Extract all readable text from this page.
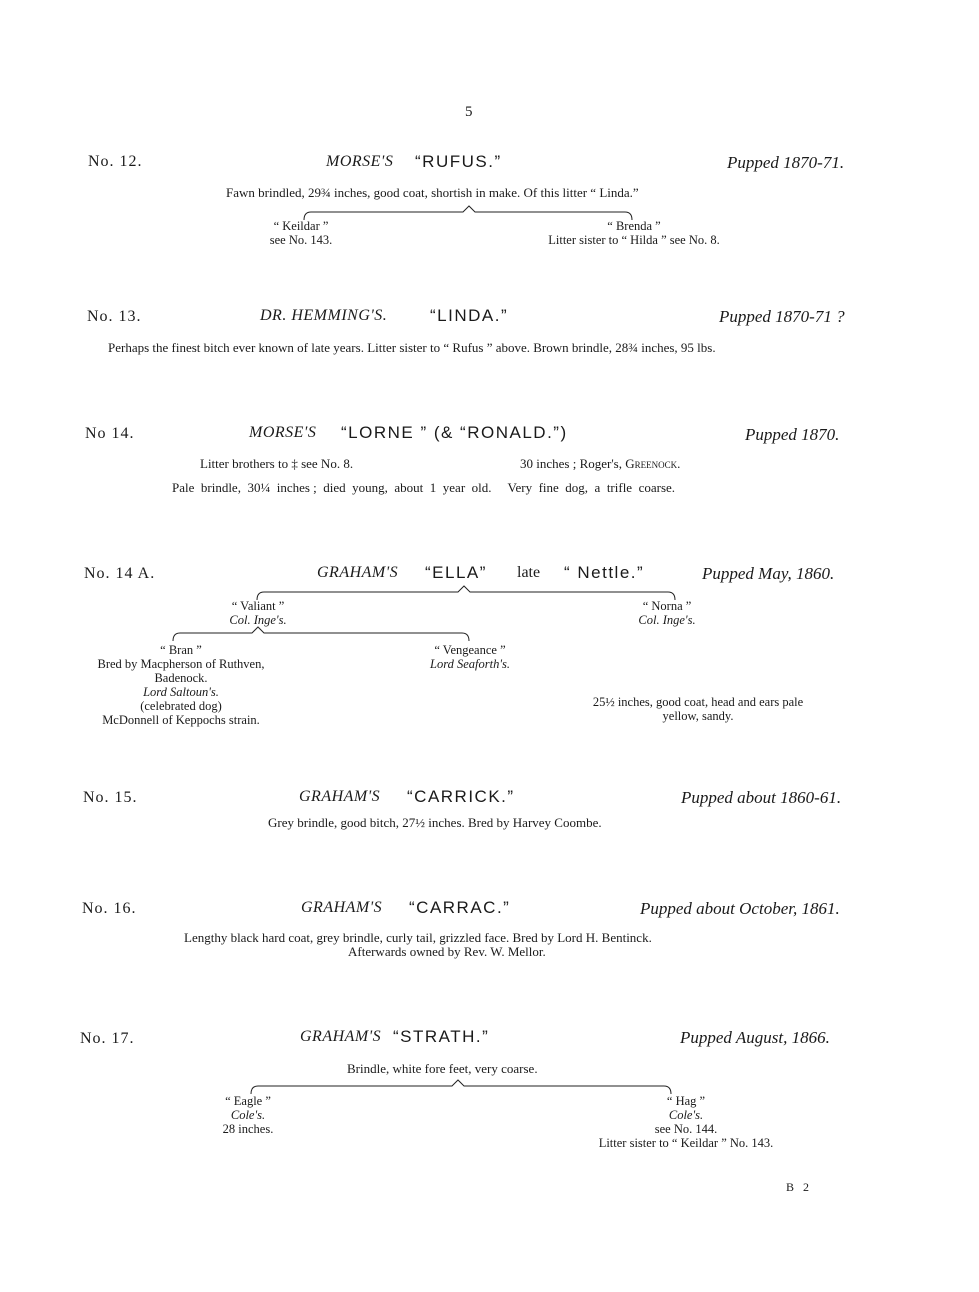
5
No. 12.	MORSE'S “RUFUS.”	Pupped 1870-71.
Fawn brindled, 29¾ inches, good coat, shortish in make. Of this litter “ Linda.”
“ Keildar ”
see No. 143.
“ Brenda ”
Litter sister to “ Hilda ” see No. 8.
No. 13.	DR. HEMMING'S.	“LINDA.”	Pupped 1870-71 ?
Perhaps the finest bitch ever known of late years. Litter sister to “ Rufus ” above. Brown brindle, 28¾ inches, 95 lbs.
No 14.	MORSE'S “LORNE ” (& “RONALD.”)	Pupped 1870.
Litter brothers to ‡ see No. 8.	30 inches ; Roger's, Greenock.
Pale  brindle,  30¼  inches ;  died  young,  about  1  year  old.     Very  fine  dog,  a  trifle  coarse.
No. 14 A.	GRAHAM'S “ELLA” late “ Nettle.”	Pupped May, 1860.
“ Valiant ”
Col. Inge's.
“ Norna ”
Col. Inge's.
“ Bran ”
Bred by Macpherson of Ruthven,
Badenock.
Lord Saltoun's.
(celebrated dog)
McDonnell of Keppochs strain.
“ Vengeance ”
Lord Seaforth's.
25½ inches, good coat, head and ears pale
yellow, sandy.
No. 15.	GRAHAM'S “CARRICK.”	Pupped about 1860-61.
Grey brindle, good bitch, 27½ inches. Bred by Harvey Coombe.
No. 16.	GRAHAM'S “CARRAC.”	Pupped about October, 1861.
Lengthy black hard coat, grey brindle, curly tail, grizzled face. Bred by Lord H. Bentinck.
Afterwards owned by Rev. W. Mellor.
No. 17.	GRAHAM'S “STRATH.”	Pupped August, 1866.
Brindle, white fore feet, very coarse.
“ Eagle ”
Cole's.
28 inches.
“ Hag ”
Cole's.
see No. 144.
Litter sister to “ Keildar ” No. 143.
B 2
